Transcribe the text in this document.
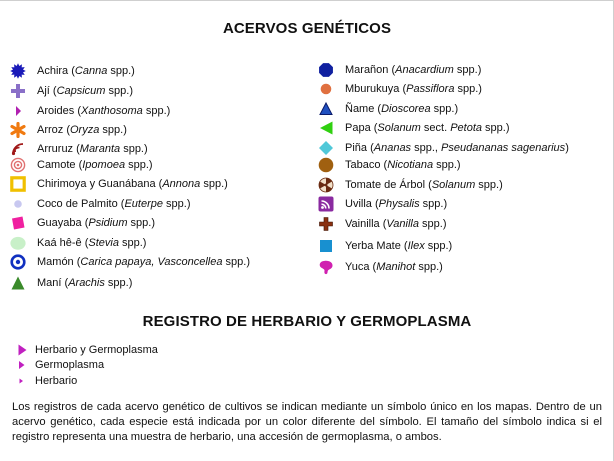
ACERVOS GENÉTICOS
Achira (Canna spp.)
Ají (Capsicum spp.)
Aroides (Xanthosoma spp.)
Arroz (Oryza spp.)
Arruruz (Maranta spp.)
Camote (Ipomoea spp.)
Chirimoya y Guanábana (Annona spp.)
Coco de Palmito (Euterpe spp.)
Guayaba (Psidium spp.)
Kaá hê-ê (Stevia spp.)
Mamón (Carica papaya, Vasconcellea spp.)
Maní (Arachis spp.)
Marañon (Anacardium spp.)
Mburukuya (Passiflora spp.)
Ñame (Dioscorea spp.)
Papa (Solanum sect. Petota spp.)
Piña (Ananas spp., Pseudananas sagenarius)
Tabaco (Nicotiana spp.)
Tomate de Árbol (Solanum spp.)
Uvilla (Physalis spp.)
Vainilla (Vanilla spp.)
Yerba Mate (Ilex spp.)
Yuca (Manihot spp.)
REGISTRO DE HERBARIO Y GERMOPLASMA
Herbario y Germoplasma
Germoplasma
Herbario

Los registros de cada acervo genético de cultivos se indican mediante un símbolo único en los mapas. Dentro de un acervo genético, cada especie está indicada por un color diferente del símbolo. El tamaño del símbolo indica si el registro representa una muestra de herbario, una accesión de germoplasma, o ambos.
